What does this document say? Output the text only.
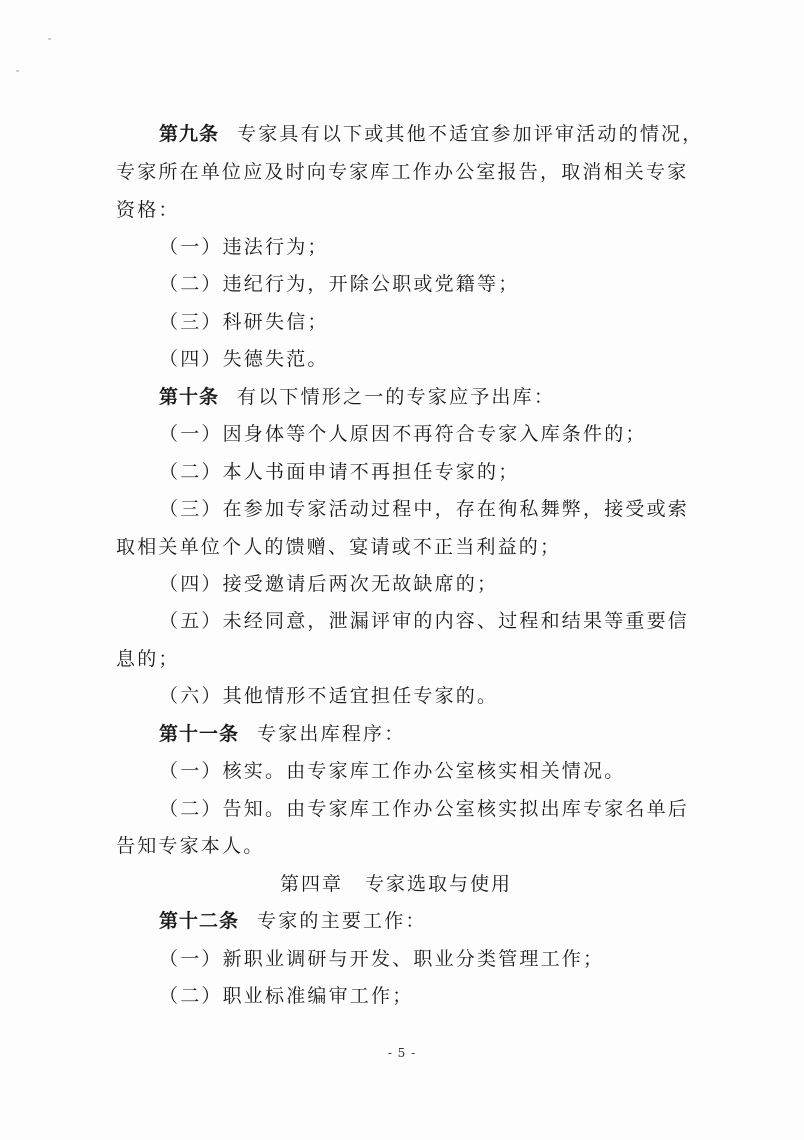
第九条 专家具有以下或其他不适宜参加评审活动的情况，
专家所在单位应及时向专家库工作办公室报告，取消相关专家
资格：
（一）违法行为；
（二）违纪行为，开除公职或党籍等；
（三）科研失信；
（四）失德失范。
第十条 有以下情形之一的专家应予出库：
（一）因身体等个人原因不再符合专家入库条件的；
（二）本人书面申请不再担任专家的；
（三）在参加专家活动过程中，存在徇私舞弊，接受或索
取相关单位个人的馈赠、宴请或不正当利益的；
（四）接受邀请后两次无故缺席的；
（五）未经同意，泄漏评审的内容、过程和结果等重要信
息的；
（六）其他情形不适宜担任专家的。
第十一条 专家出库程序：
（一）核实。由专家库工作办公室核实相关情况。
（二）告知。由专家库工作办公室核实拟出库专家名单后
告知专家本人。
第四章 专家选取与使用
第十二条 专家的主要工作：
（一）新职业调研与开发、职业分类管理工作；
（二）职业标准编审工作；
- 5 -
